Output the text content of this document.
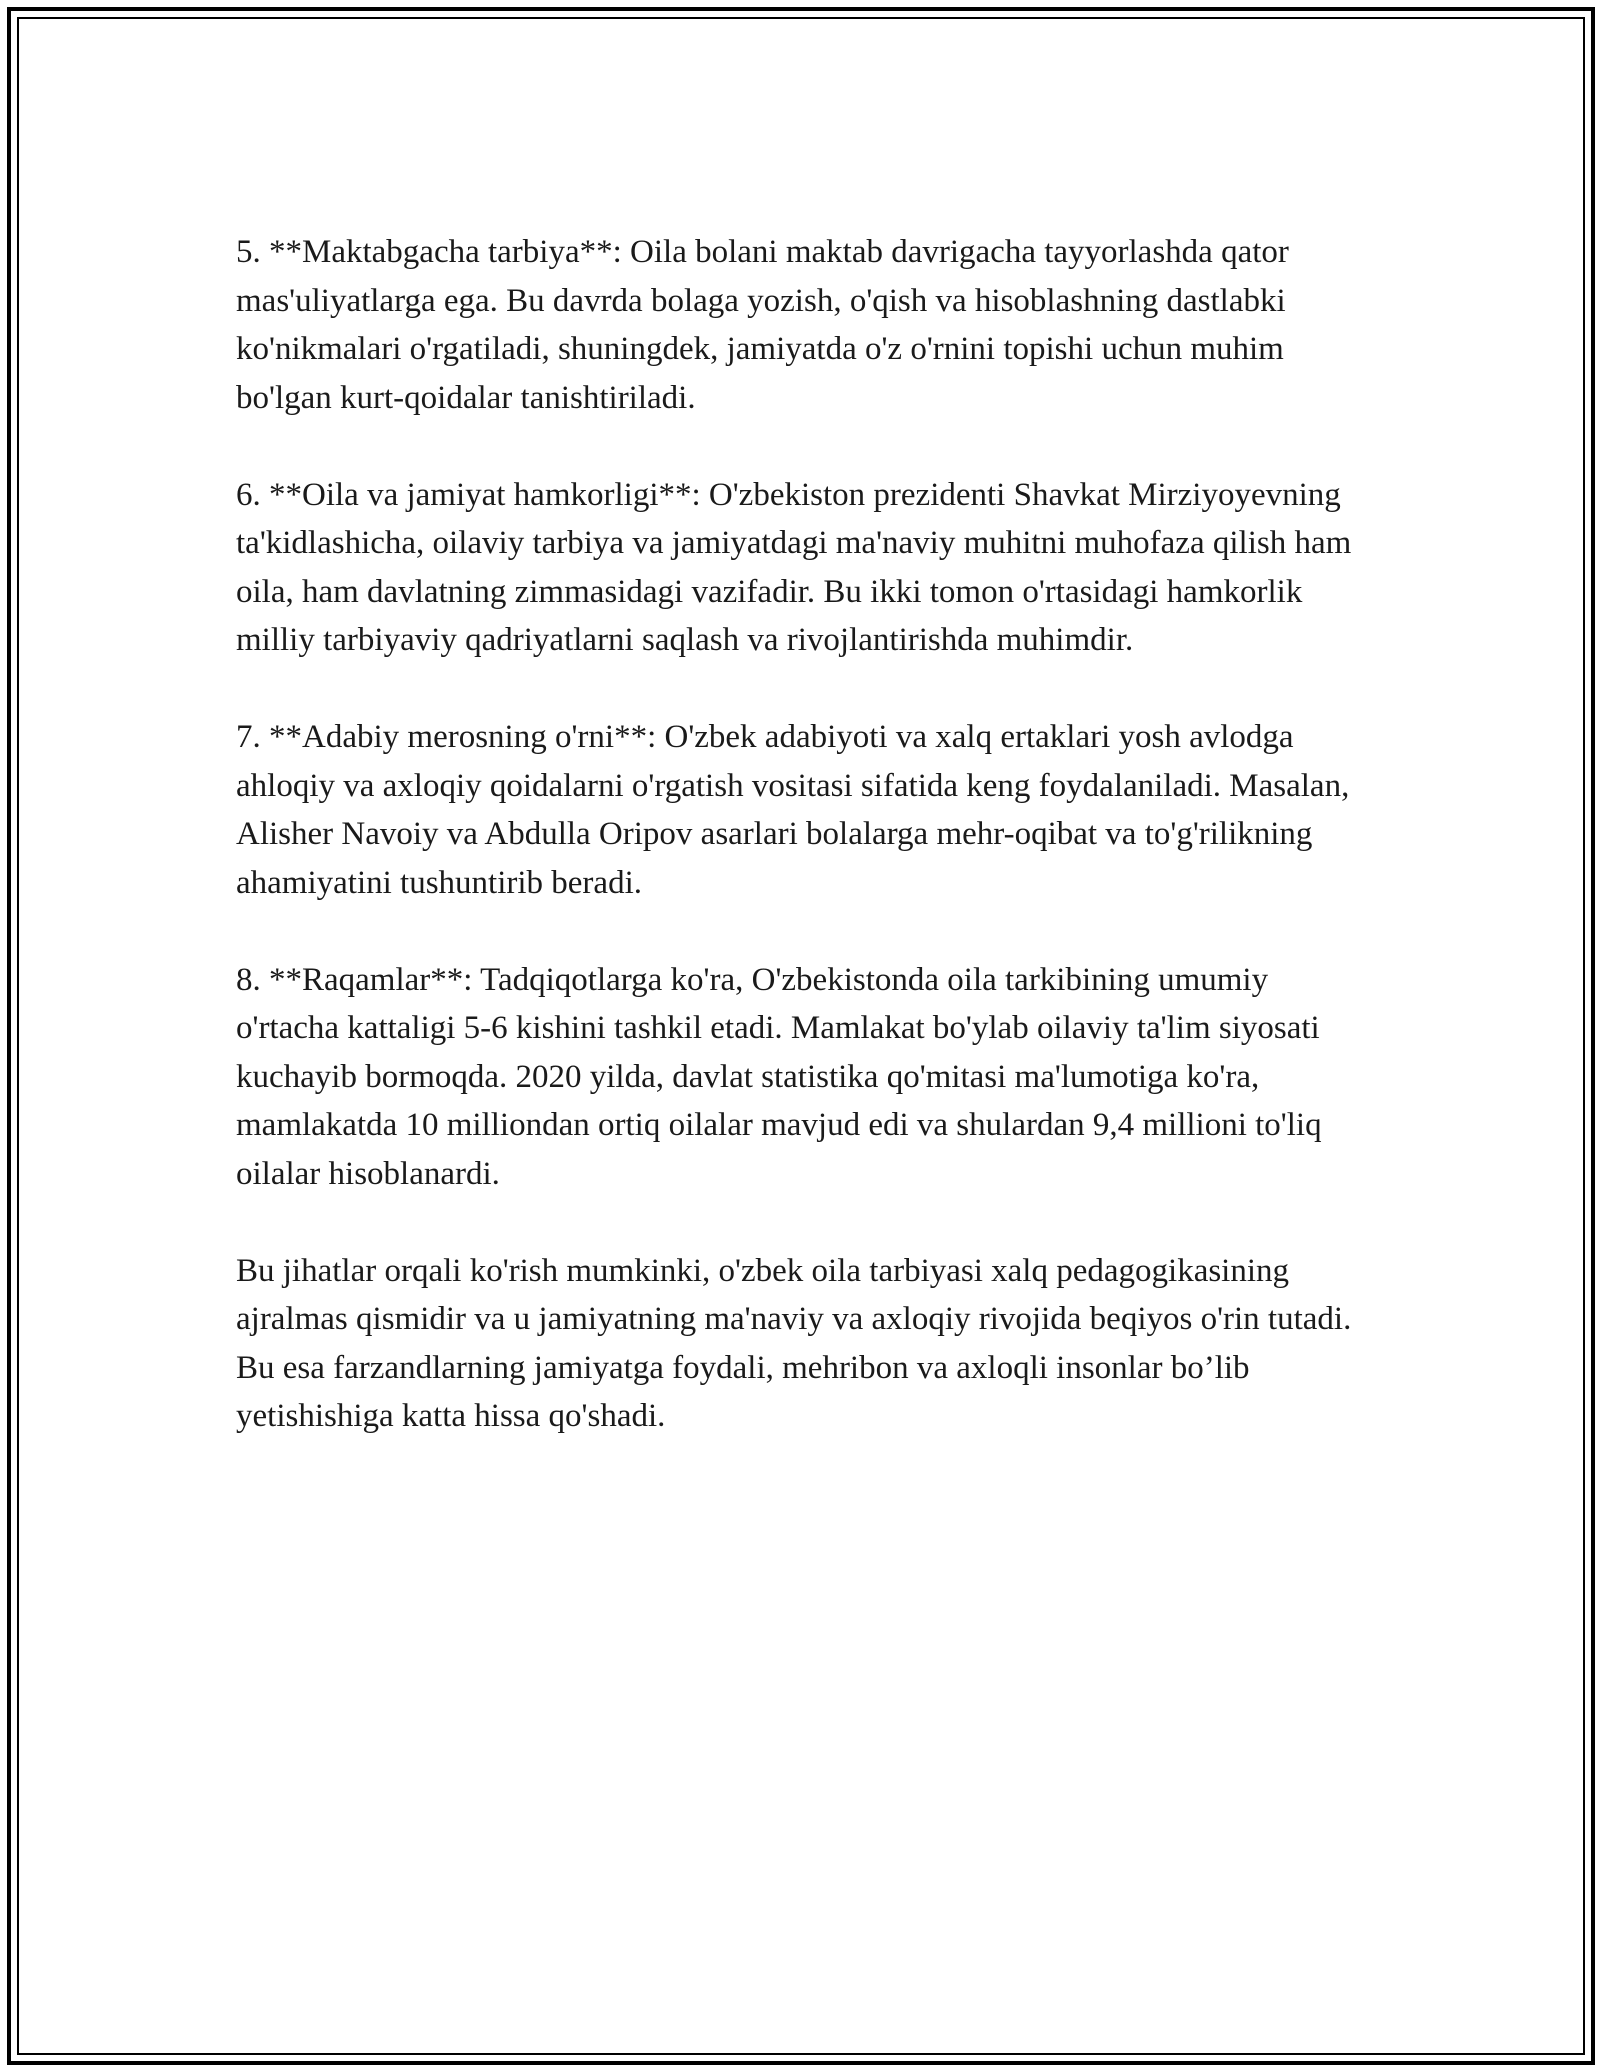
5. **Maktabgacha tarbiya**: Oila bolani maktab davrigacha tayyorlashda qator mas'uliyatlarga ega. Bu davrda bolaga yozish, o'qish va hisoblashning dastlabki ko'nikmalari o'rgatiladi, shuningdek, jamiyatda o'z o'rnini topishi uchun muhim bo'lgan kurt-qoidalar tanishtiriladi.

6. **Oila va jamiyat hamkorligi**: O'zbekiston prezidenti Shavkat Mirziyoyevning ta'kidlashicha, oilaviy tarbiya va jamiyatdagi ma'naviy muhitni muhofaza qilish ham oila, ham davlatning zimmasidagi vazifadir. Bu ikki tomon o'rtasidagi hamkorlik milliy tarbiyaviy qadriyatlarni saqlash va rivojlantirishda muhimdir.

7. **Adabiy merosning o'rni**: O'zbek adabiyoti va xalq ertaklari yosh avlodga ahloqiy va axloqiy qoidalarni o'rgatish vositasi sifatida keng foydalaniladi. Masalan, Alisher Navoiy va Abdulla Oripov asarlari bolalarga mehr-oqibat va to'g'rilikning ahamiyatini tushuntirib beradi.

8. **Raqamlar**: Tadqiqotlarga ko'ra, O'zbekistonda oila tarkibining umumiy o'rtacha kattaligi 5-6 kishini tashkil etadi. Mamlakat bo'ylab oilaviy ta'lim siyosati kuchayib bormoqda. 2020 yilda, davlat statistika qo'mitasi ma'lumotiga ko'ra, mamlakatda 10 milliondan ortiq oilalar mavjud edi va shulardan 9,4 millioni to'liq oilalar hisoblanardi.

Bu jihatlar orqali ko'rish mumkinki, o'zbek oila tarbiyasi xalq pedagogikasining ajralmas qismidir va u jamiyatning ma'naviy va axloqiy rivojida beqiyos o'rin tutadi. Bu esa farzandlarning jamiyatga foydali, mehribon va axloqli insonlar bo’lib yetishishiga katta hissa qo'shadi.
